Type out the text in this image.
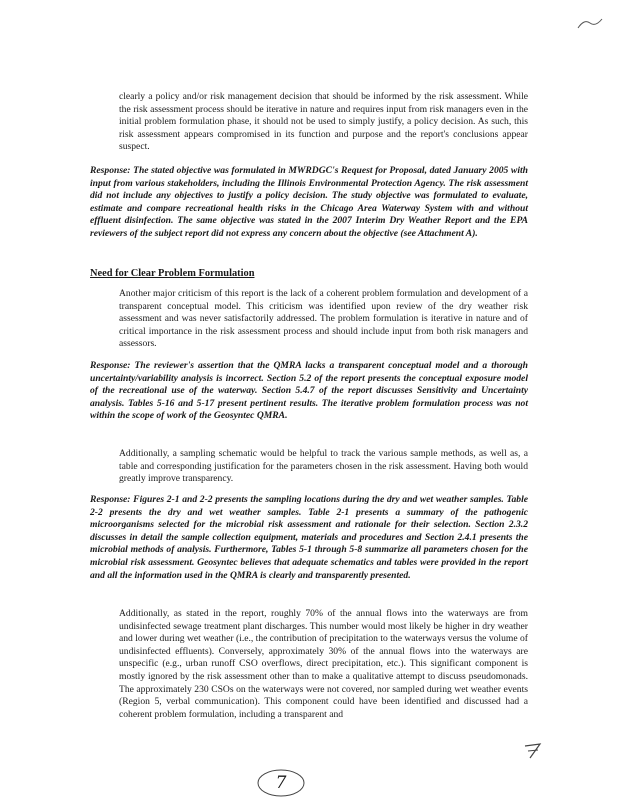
clearly a policy and/or risk management decision that should be informed by the risk assessment. While the risk assessment process should be iterative in nature and requires input from risk managers even in the initial problem formulation phase, it should not be used to simply justify, a policy decision. As such, this risk assessment appears compromised in its function and purpose and the report's conclusions appear suspect.

Response: The stated objective was formulated in MWRDGC's Request for Proposal, dated January 2005 with input from various stakeholders, including the Illinois Environmental Protection Agency. The risk assessment did not include any objectives to justify a policy decision. The study objective was formulated to evaluate, estimate and compare recreational health risks in the Chicago Area Waterway System with and without effluent disinfection. The same objective was stated in the 2007 Interim Dry Weather Report and the EPA reviewers of the subject report did not express any concern about the objective (see Attachment A).

Need for Clear Problem Formulation

Another major criticism of this report is the lack of a coherent problem formulation and development of a transparent conceptual model. This criticism was identified upon review of the dry weather risk assessment and was never satisfactorily addressed. The problem formulation is iterative in nature and of critical importance in the risk assessment process and should include input from both risk managers and assessors.

Response: The reviewer's assertion that the QMRA lacks a transparent conceptual model and a thorough uncertainty/variability analysis is incorrect. Section 5.2 of the report presents the conceptual exposure model of the recreational use of the waterway. Section 5.4.7 of the report discusses Sensitivity and Uncertainty analysis. Tables 5-16 and 5-17 present pertinent results. The iterative problem formulation process was not within the scope of work of the Geosyntec QMRA.

Additionally, a sampling schematic would be helpful to track the various sample methods, as well as, a table and corresponding justification for the parameters chosen in the risk assessment. Having both would greatly improve transparency.

Response: Figures 2-1 and 2-2 presents the sampling locations during the dry and wet weather samples. Table 2-2 presents the dry and wet weather samples. Table 2-1 presents a summary of the pathogenic microorganisms selected for the microbial risk assessment and rationale for their selection. Section 2.3.2 discusses in detail the sample collection equipment, materials and procedures and Section 2.4.1 presents the microbial methods of analysis. Furthermore, Tables 5-1 through 5-8 summarize all parameters chosen for the microbial risk assessment. Geosyntec believes that adequate schematics and tables were provided in the report and all the information used in the QMRA is clearly and transparently presented.

Additionally, as stated in the report, roughly 70% of the annual flows into the waterways are from undisinfected sewage treatment plant discharges. This number would most likely be higher in dry weather and lower during wet weather (i.e., the contribution of precipitation to the waterways versus the volume of undisinfected effluents). Conversely, approximately 30% of the annual flows into the waterways are unspecific (e.g., urban runoff CSO overflows, direct precipitation, etc.). This significant component is mostly ignored by the risk assessment other than to make a qualitative attempt to discuss pseudomonads. The approximately 230 CSOs on the waterways were not covered, nor sampled during wet weather events (Region 5, verbal communication). This component could have been identified and discussed had a coherent problem formulation, including a transparent and

7
